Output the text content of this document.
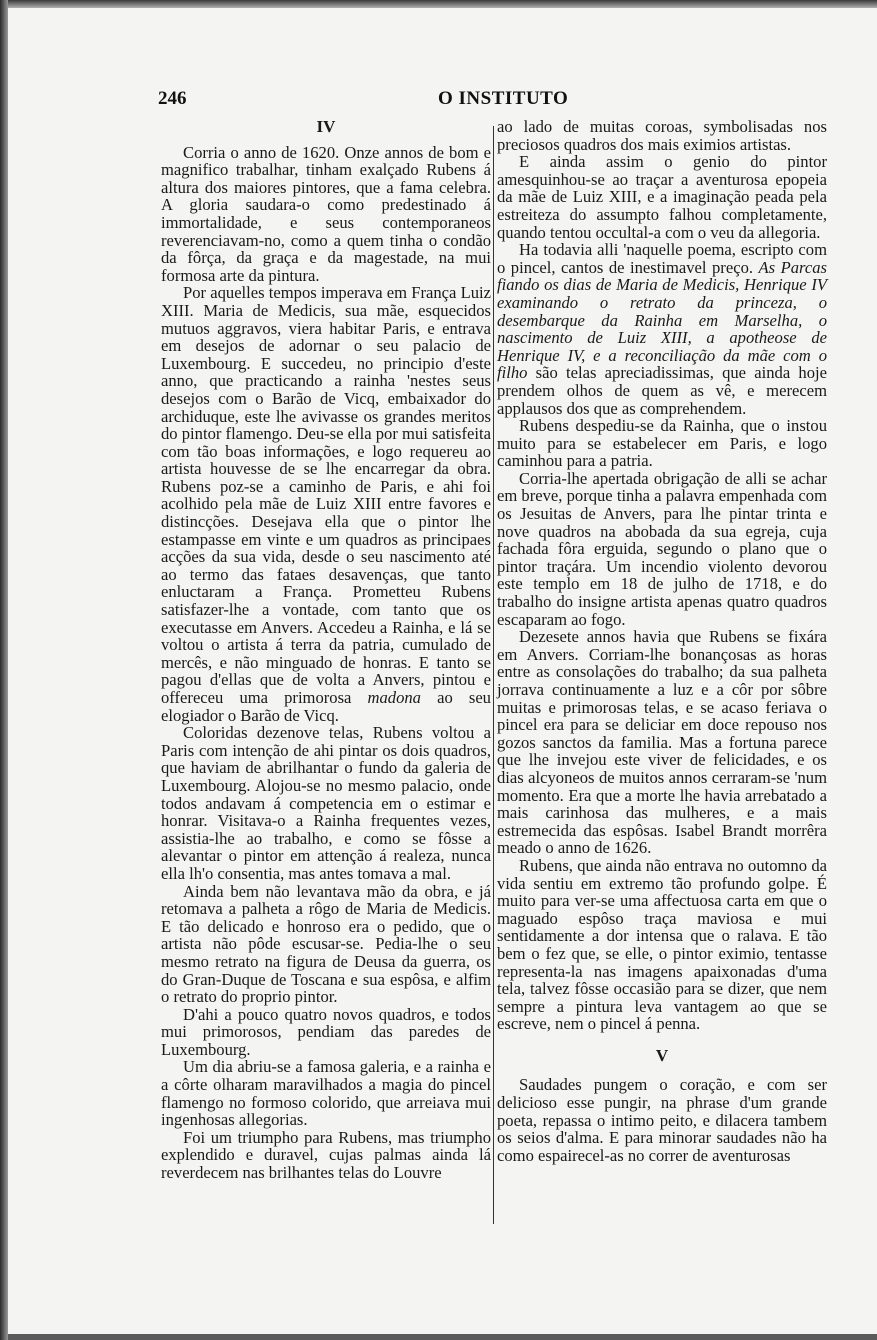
246	O INSTITUTO
IV

Corria o anno de 1620. Onze annos de bom e magnifico trabalhar, tinham exalçado Rubens á altura dos maiores pintores, que a fama celebra. A gloria saudara-o como predestinado á immortalidade, e seus contemporaneos reverenciavam-no, como a quem tinha o condão da fôrça, da graça e da magestade, na mui formosa arte da pintura.

Por aquelles tempos imperava em França Luiz XIII. Maria de Medicis, sua mãe, esquecidos mutuos aggravos, viera habitar Paris, e entrava em desejos de adornar o seu palacio de Luxembourg. E succedeu, no principio d'este anno, que practicando a rainha 'nestes seus desejos com o Barão de Vicq, embaixador do archiduque, este lhe avivasse os grandes meritos do pintor flamengo. Deu-se ella por mui satisfeita com tão boas informações, e logo requereu ao artista houvesse de se lhe encarregar da obra. Rubens poz-se a caminho de Paris, e ahi foi acolhido pela mãe de Luiz XIII entre favores e distincções. Desejava ella que o pintor lhe estampasse em vinte e um quadros as principaes acções da sua vida, desde o seu nascimento até ao termo das fataes desavenças, que tanto enluctaram a França. Prometteu Rubens satisfazer-lhe a vontade, com tanto que os executasse em Anvers. Accedeu a Rainha, e lá se voltou o artista á terra da patria, cumulado de mercês, e não minguado de honras. E tanto se pagou d'ellas que de volta a Anvers, pintou e offereceu uma primorosa madona ao seu elogiador o Barão de Vicq.

Coloridas dezenove telas, Rubens voltou a Paris com intenção de ahi pintar os dois quadros, que haviam de abrilhantar o fundo da galeria de Luxembourg. Alojou-se no mesmo palacio, onde todos andavam á competencia em o estimar e honrar. Visitava-o a Rainha frequentes vezes, assistia-lhe ao trabalho, e como se fôsse a alevantar o pintor em attenção á realeza, nunca ella lh'o consentia, mas antes tomava a mal.

Ainda bem não levantava mão da obra, e já retomava a palheta a rôgo de Maria de Medicis. E tão delicado e honroso era o pedido, que o artista não pôde escusar-se. Pedia-lhe o seu mesmo retrato na figura de Deusa da guerra, os do Gran-Duque de Toscana e sua espôsa, e alfim o retrato do proprio pintor.

D'ahi a pouco quatro novos quadros, e todos mui primorosos, pendiam das paredes de Luxembourg.

Um dia abriu-se a famosa galeria, e a rainha e a côrte olharam maravilhados a magia do pincel flamengo no formoso colorido, que arreiava mui ingenhosas allegorias.

Foi um triumpho para Rubens, mas triumpho explendido e duravel, cujas palmas ainda lá reverdecem nas brilhantes telas do Louvre

ao lado de muitas coroas, symbolisadas nos preciosos quadros dos mais eximios artistas.

E ainda assim o genio do pintor amesquinhou-se ao traçar a aventurosa epopeia da mãe de Luiz XIII, e a imaginação peada pela estreiteza do assumpto falhou completamente, quando tentou occultal-a com o veu da allegoria.

Ha todavia alli 'naquelle poema, escripto com o pincel, cantos de inestimavel preço. As Parcas fiando os dias de Maria de Medicis, Henrique IV examinando o retrato da princeza, o desembarque da Rainha em Marselha, o nascimento de Luiz XIII, a apotheose de Henrique IV, e a reconciliação da mãe com o filho são telas apreciadissimas, que ainda hoje prendem olhos de quem as vê, e merecem applausos dos que as comprehendem.

Rubens despediu-se da Rainha, que o instou muito para se estabelecer em Paris, e logo caminhou para a patria.

Corria-lhe apertada obrigação de alli se achar em breve, porque tinha a palavra empenhada com os Jesuitas de Anvers, para lhe pintar trinta e nove quadros na abobada da sua egreja, cuja fachada fôra erguida, segundo o plano que o pintor traçára. Um incendio violento devorou este templo em 18 de julho de 1718, e do trabalho do insigne artista apenas quatro quadros escaparam ao fogo.

Dezesete annos havia que Rubens se fixára em Anvers. Corriam-lhe bonançosas as horas entre as consolações do trabalho; da sua palheta jorrava continuamente a luz e a côr por sôbre muitas e primorosas telas, e se acaso feriava o pincel era para se deliciar em doce repouso nos gozos sanctos da familia. Mas a fortuna parece que lhe invejou este viver de felicidades, e os dias alcyoneos de muitos annos cerraram-se 'num momento. Era que a morte lhe havia arrebatado a mais carinhosa das mulheres, e a mais estremecida das espôsas. Isabel Brandt morrêra meado o anno de 1626.

Rubens, que ainda não entrava no outomno da vida sentiu em extremo tão profundo golpe. É muito para ver-se uma affectuosa carta em que o maguado espôso traça maviosa e mui sentidamente a dor intensa que o ralava. E tão bem o fez que, se elle, o pintor eximio, tentasse representa-la nas imagens apaixonadas d'uma tela, talvez fôsse occasião para se dizer, que nem sempre a pintura leva vantagem ao que se escreve, nem o pincel á penna.

V

Saudades pungem o coração, e com ser delicioso esse pungir, na phrase d'um grande poeta, repassa o intimo peito, e dilacera tambem os seios d'alma. E para minorar saudades não ha como espairecel-as no correr de aventurosas
